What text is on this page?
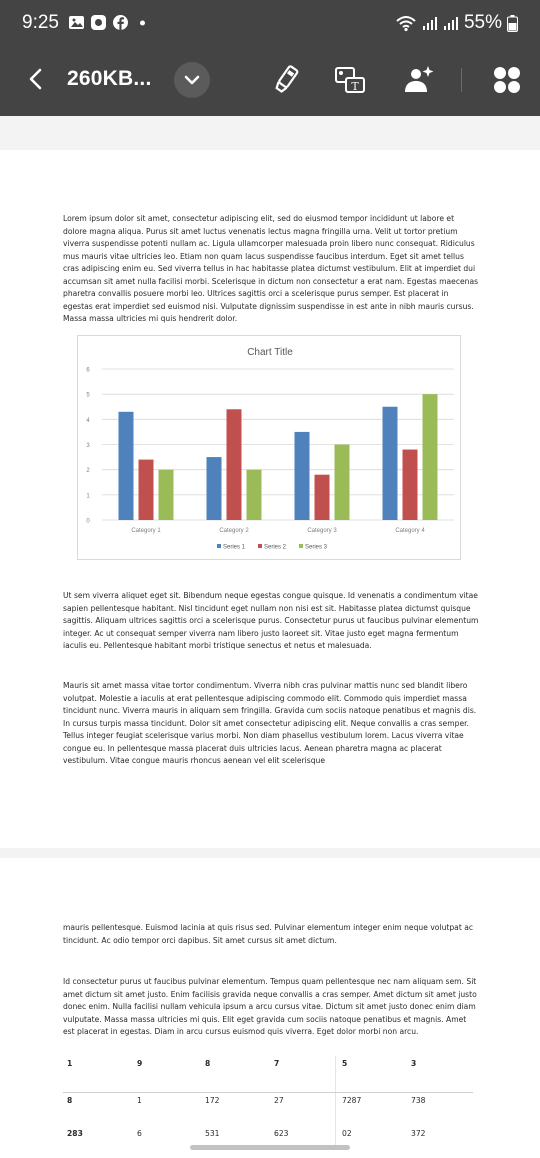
9:25	55%
260KB...	T
Lorem ipsum dolor sit amet, consectetur adipiscing elit, sed do eiusmod tempor incididunt ut labore et dolore magna aliqua. Purus sit amet luctus venenatis lectus magna fringilla urna. Velit ut tortor pretium viverra suspendisse potenti nullam ac. Ligula ullamcorper malesuada proin libero nunc consequat. Ridiculus mus mauris vitae ultricies leo. Etiam non quam lacus suspendisse faucibus interdum. Eget sit amet tellus cras adipiscing enim eu. Sed viverra tellus in hac habitasse platea dictumst vestibulum. Elit at imperdiet dui accumsan sit amet nulla facilisi morbi. Scelerisque in dictum non consectetur a erat nam. Egestas maecenas pharetra convallis posuere morbi leo. Ultrices sagittis orci a scelerisque purus semper. Est placerat in egestas erat imperdiet sed euismod nisi. Vulputate dignissim suspendisse in est ante in nibh mauris cursus. Massa massa ultricies mi quis hendrerit dolor.
Chart Title
0
1
2
3
4
5
6
Category 1	Category 2	Category 3	Category 4
Series 1	Series 2	Series 3
Ut sem viverra aliquet eget sit. Bibendum neque egestas congue quisque. Id venenatis a condimentum vitae sapien pellentesque habitant. Nisl tincidunt eget nullam non nisi est sit. Habitasse platea dictumst quisque sagittis. Aliquam ultrices sagittis orci a scelerisque purus. Consectetur purus ut faucibus pulvinar elementum integer. Ac ut consequat semper viverra nam libero justo laoreet sit. Vitae justo eget magna fermentum iaculis eu. Pellentesque habitant morbi tristique senectus et netus et malesuada.
Mauris sit amet massa vitae tortor condimentum. Viverra nibh cras pulvinar mattis nunc sed blandit libero volutpat. Molestie a iaculis at erat pellentesque adipiscing commodo elit. Commodo quis imperdiet massa tincidunt nunc. Viverra mauris in aliquam sem fringilla. Gravida cum sociis natoque penatibus et magnis dis. In cursus turpis massa tincidunt. Dolor sit amet consectetur adipiscing elit. Neque convallis a cras semper. Tellus integer feugiat scelerisque varius morbi. Non diam phasellus vestibulum lorem. Lacus viverra vitae congue eu. In pellentesque massa placerat duis ultricies lacus. Aenean pharetra magna ac placerat vestibulum. Vitae congue mauris rhoncus aenean vel elit scelerisque
mauris pellentesque. Euismod lacinia at quis risus sed. Pulvinar elementum integer enim neque volutpat ac tincidunt. Ac odio tempor orci dapibus. Sit amet cursus sit amet dictum.
Id consectetur purus ut faucibus pulvinar elementum. Tempus quam pellentesque nec nam aliquam sem. Sit amet dictum sit amet justo. Enim facilisis gravida neque convallis a cras semper. Amet dictum sit amet justo donec enim. Nulla facilisi nullam vehicula ipsum a arcu cursus vitae. Dictum sit amet justo donec enim diam vulputate. Massa massa ultricies mi quis. Elit eget gravida cum sociis natoque penatibus et magnis. Amet est placerat in egestas. Diam in arcu cursus euismod quis viverra. Eget dolor morbi non arcu.
1	9	8	7	5	3
8	1	172	27	7287	738
283	6	531	623	02	372
